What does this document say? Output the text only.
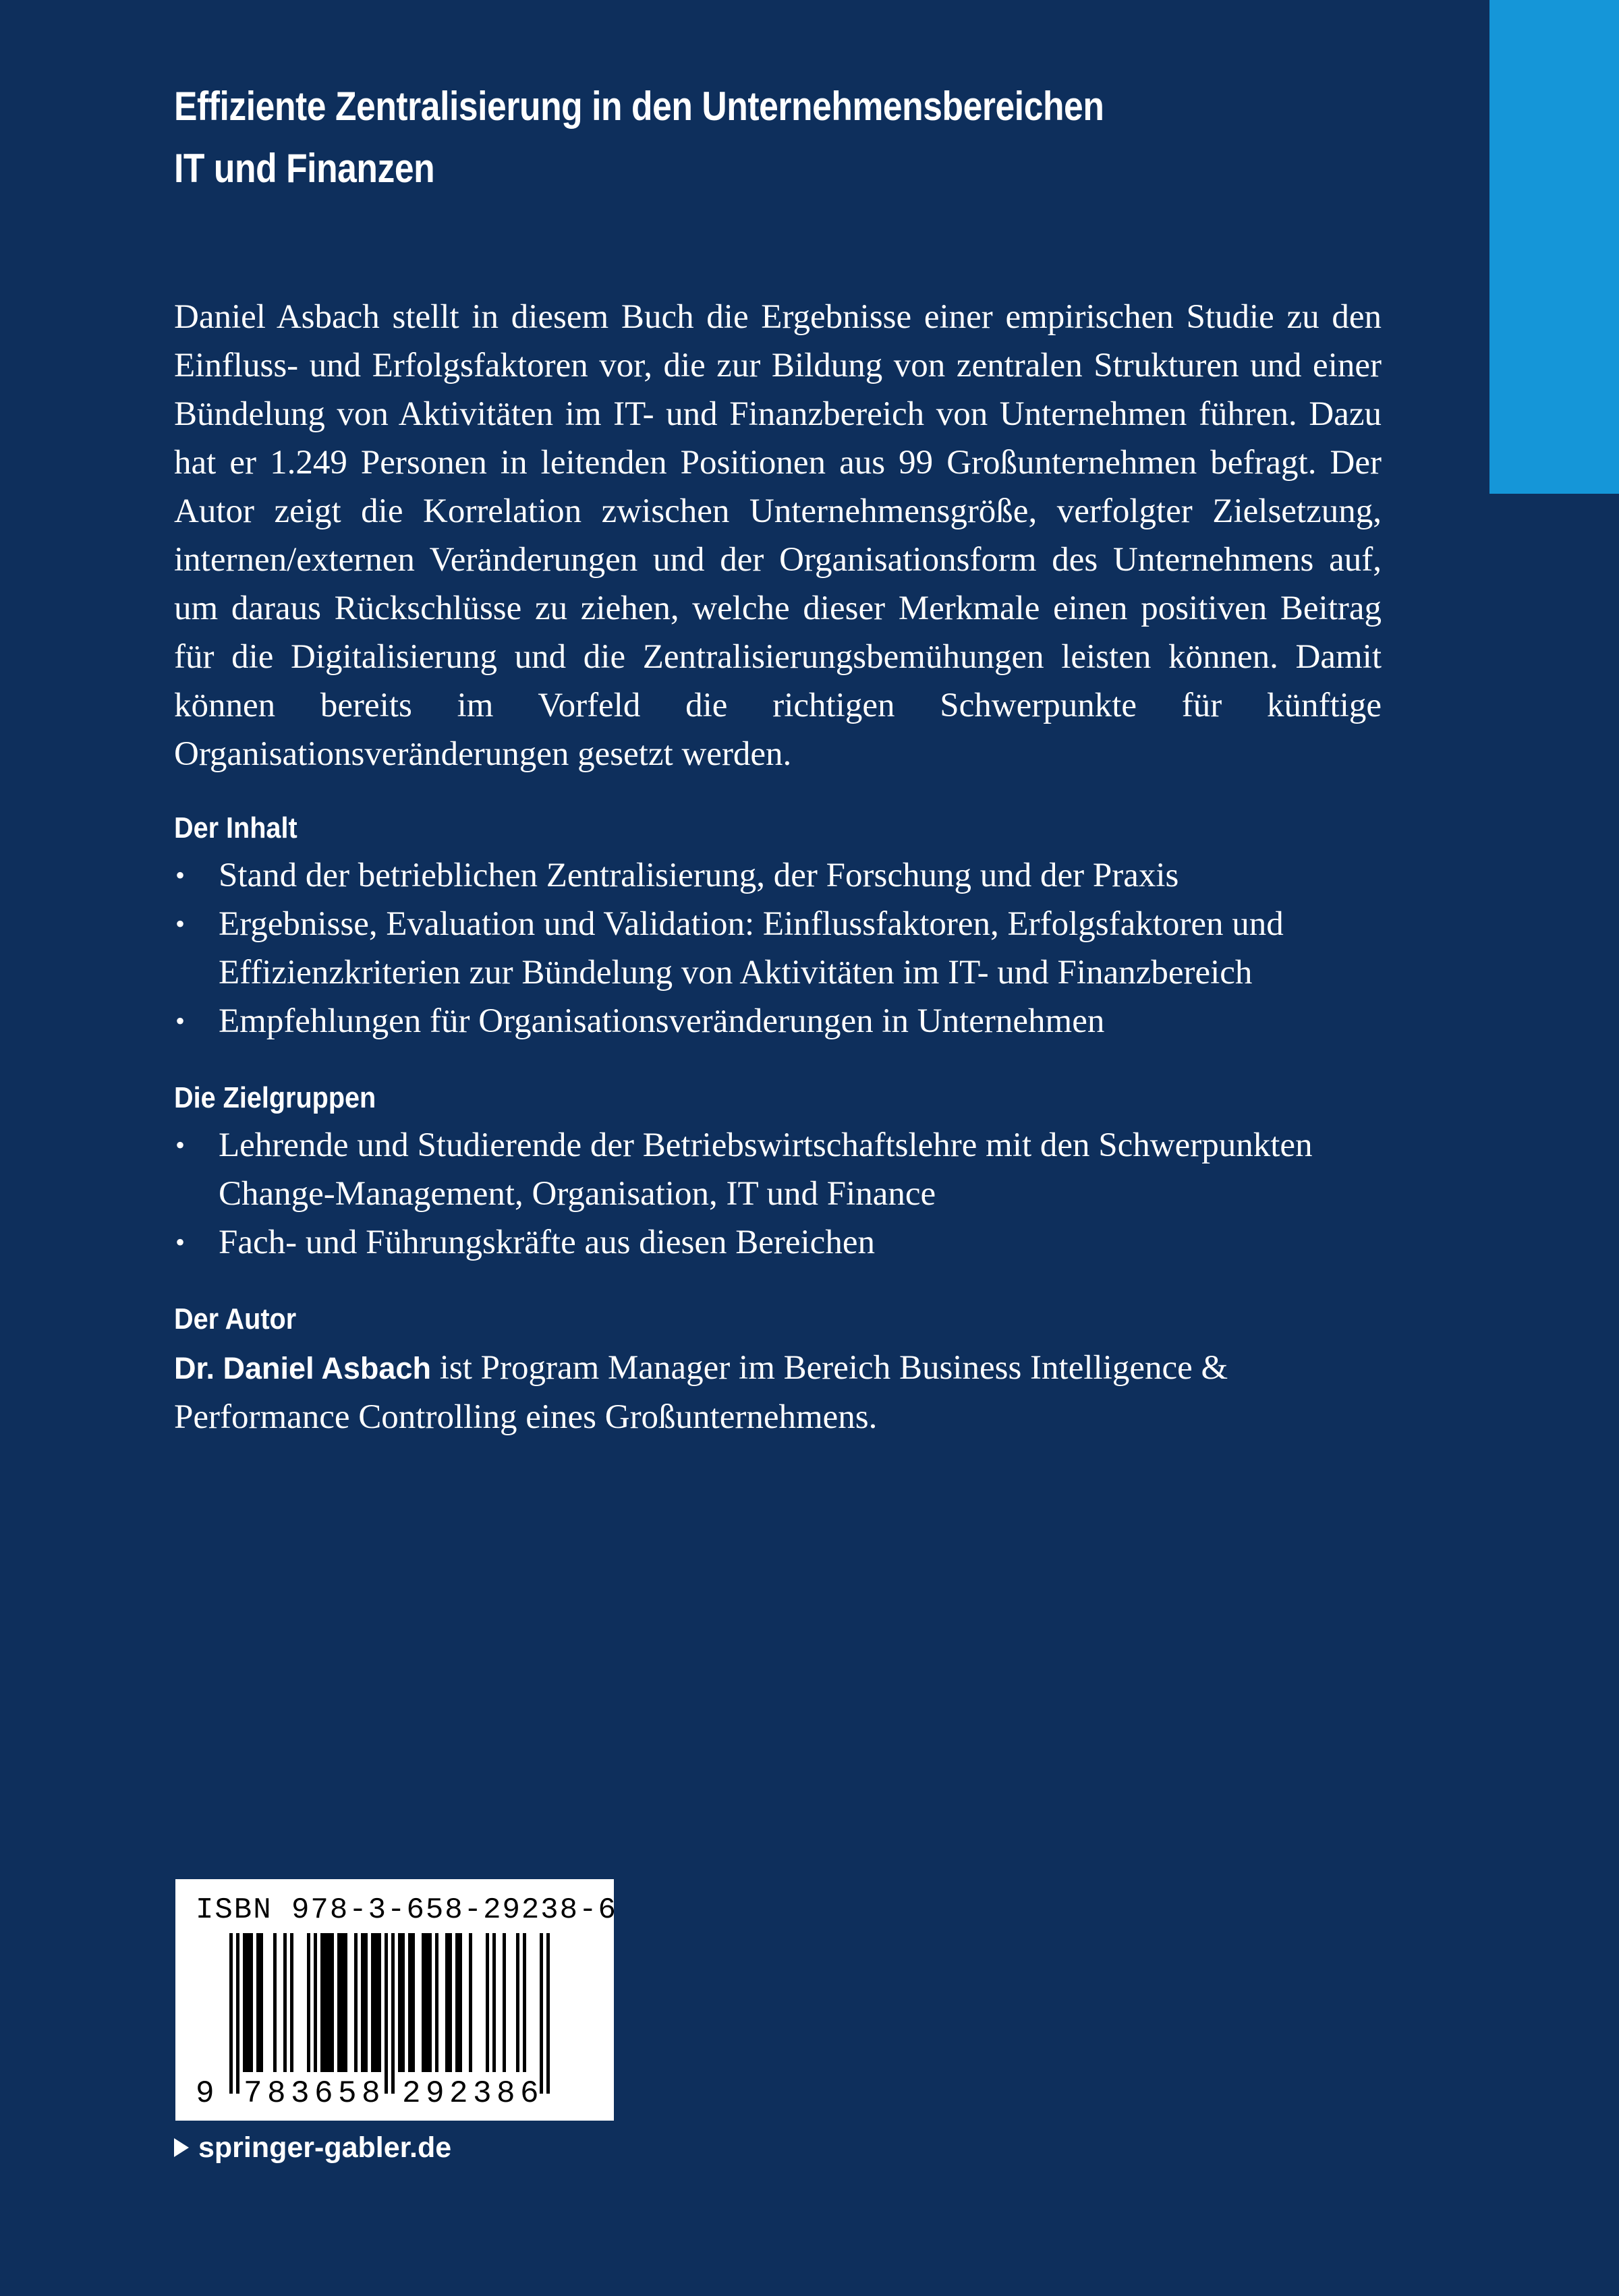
Effiziente Zentralisierung in den Unternehmensbereichen
IT und Finanzen

Daniel Asbach stellt in diesem Buch die Ergebnisse einer empirischen Studie zu den Einfluss- und Erfolgsfaktoren vor, die zur Bildung von zentralen Strukturen und einer Bündelung von Aktivitäten im IT- und Finanzbereich von Unternehmen führen. Dazu hat er 1.249 Personen in leitenden Positionen aus 99 Großunternehmen befragt. Der Autor zeigt die Korrelation zwischen Unternehmensgröße, verfolgter Zielsetzung, internen/externen Veränderungen und der Organisationsform des Unternehmens auf, um daraus Rückschlüsse zu ziehen, welche dieser Merkmale einen positiven Beitrag für die Digitalisierung und die Zentralisierungsbemühungen leisten können. Damit können bereits im Vorfeld die richtigen Schwerpunkte für künftige Organisationsveränderungen gesetzt werden.

Der Inhalt
• Stand der betrieblichen Zentralisierung, der Forschung und der Praxis
• Ergebnisse, Evaluation und Validation: Einflussfaktoren, Erfolgsfaktoren und Effizienzkriterien zur Bündelung von Aktivitäten im IT- und Finanzbereich
• Empfehlungen für Organisationsveränderungen in Unternehmen
Die Zielgruppen
• Lehrende und Studierende der Betriebswirtschaftslehre mit den Schwerpunkten Change-Management, Organisation, IT und Finance
• Fach- und Führungskräfte aus diesen Bereichen
Der Autor

Dr. Daniel Asbach ist Program Manager im Bereich Business Intelligence & Performance Controlling eines Großunternehmens.

ISBN 978-3-658-29238-6
9 7 8 3 6 5 8 2 9 2 3 8 6
springer-gabler.de
